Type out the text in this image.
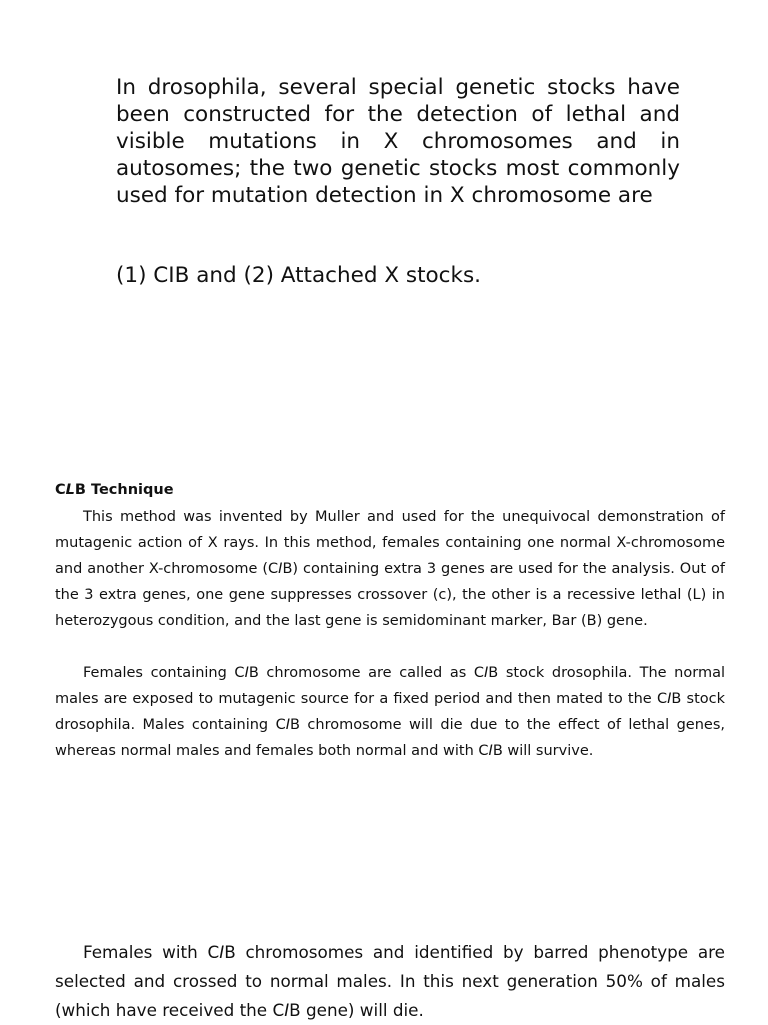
In drosophila, several special genetic stocks have been constructed for the detection of lethal and visible mutations in X chromosomes and in autosomes; the two genetic stocks most commonly used for mutation detection in X chromosome are

(1) CIB and (2) Attached X stocks.

CLB Technique

This method was invented by Muller and used for the unequivocal demonstration of mutagenic action of X rays. In this method, females containing one normal X-chromosome and another X-chromosome (CIB) containing extra 3 genes are used for the analysis. Out of the 3 extra genes, one gene suppresses crossover (c), the other is a recessive lethal (L) in heterozygous condition, and the last gene is semidominant marker, Bar (B) gene.

Females containing CIB chromosome are called as CIB stock drosophila. The normal males are exposed to mutagenic source for a fixed period and then mated to the CIB stock drosophila. Males containing CIB chromosome will die due to the effect of lethal genes, whereas normal males and females both normal and with CIB will survive.

Females with CIB chromosomes and identified by barred phenotype are selected and crossed to normal males. In this next generation 50% of males (which have received the CIB gene) will die.
